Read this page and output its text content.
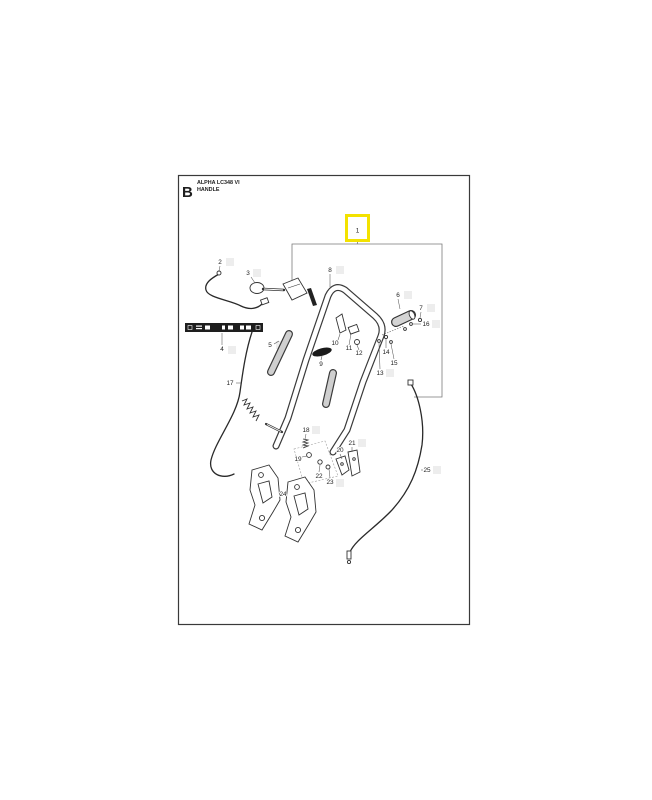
B
ALPHA LC348 VI
HANDLE
1
2
3
4
5
6
7
8
9
10
11
12
13
14
15
16
17
18
19
20
21
22
23
24
25
